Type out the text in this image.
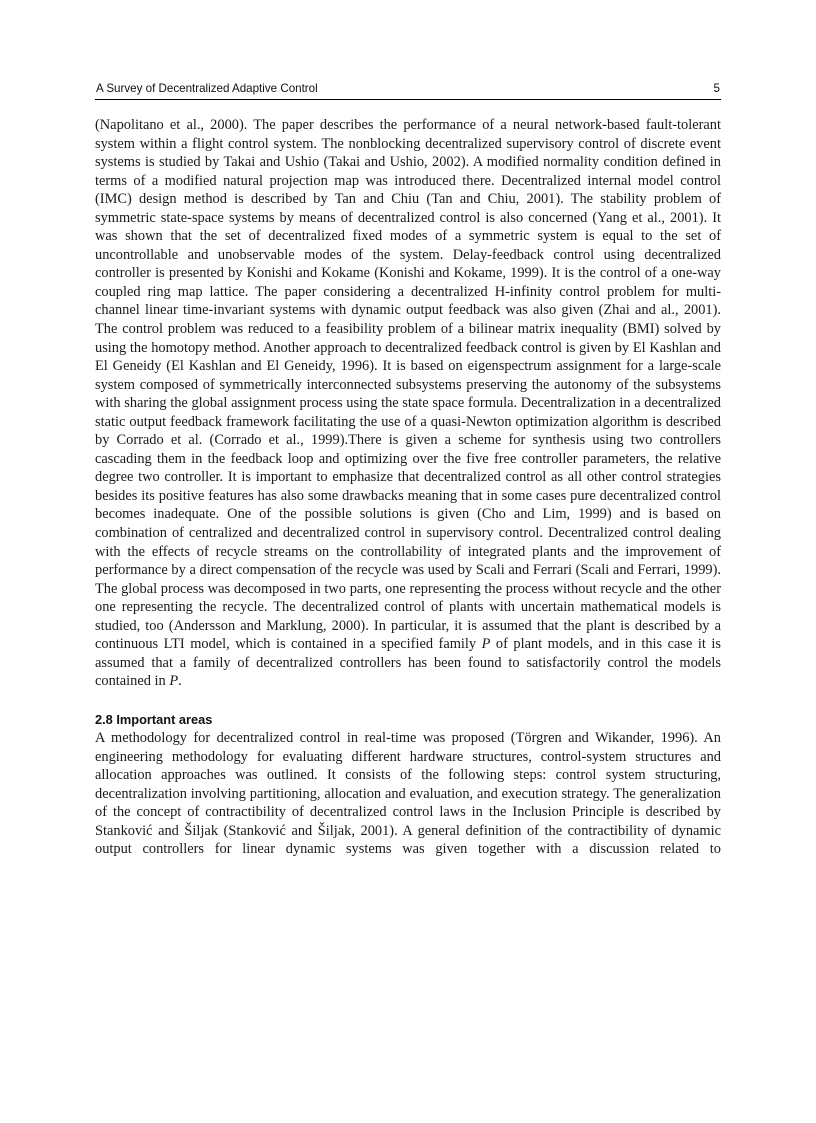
A Survey of Decentralized Adaptive Control	5

(Napolitano et al., 2000). The paper describes the performance of a neural network-based fault-tolerant system within a flight control system. The nonblocking decentralized supervisory control of discrete event systems is studied by Takai and Ushio (Takai and Ushio, 2002). A modified normality condition defined in terms of a modified natural projection map was introduced there. Decentralized internal model control (IMC) design method is described by Tan and Chiu (Tan and Chiu, 2001). The stability problem of symmetric state-space systems by means of decentralized control is also concerned (Yang et al., 2001). It was shown that the set of decentralized fixed modes of a symmetric system is equal to the set of uncontrollable and unobservable modes of the system. Delay-feedback control using decentralized controller is presented by Konishi and Kokame (Konishi and Kokame, 1999). It is the control of a one-way coupled ring map lattice. The paper considering a decentralized H-infinity control problem for multi-channel linear time-invariant systems with dynamic output feedback was also given (Zhai and al., 2001). The control problem was reduced to a feasibility problem of a bilinear matrix inequality (BMI) solved by using the homotopy method. Another approach to decentralized feedback control is given by El Kashlan and El Geneidy (El Kashlan and El Geneidy, 1996). It is based on eigenspectrum assignment for a large-scale system composed of symmetrically interconnected subsystems preserving the autonomy of the subsystems with sharing the global assignment process using the state space formula. Decentralization in a decentralized static output feedback framework facilitating the use of a quasi-Newton optimization algorithm is described by Corrado et al. (Corrado et al., 1999).There is given a scheme for synthesis using two controllers cascading them in the feedback loop and optimizing over the five free controller parameters, the relative degree two controller. It is important to emphasize that decentralized control as all other control strategies besides its positive features has also some drawbacks meaning that in some cases pure decentralized control becomes inadequate. One of the possible solutions is given (Cho and Lim, 1999) and is based on combination of centralized and decentralized control in supervisory control. Decentralized control dealing with the effects of recycle streams on the controllability of integrated plants and the improvement of performance by a direct compensation of the recycle was used by Scali and Ferrari (Scali and Ferrari, 1999). The global process was decomposed in two parts, one representing the process without recycle and the other one representing the recycle. The decentralized control of plants with uncertain mathematical models is studied, too (Andersson and Marklung, 2000). In particular, it is assumed that the plant is described by a continuous LTI model, which is contained in a specified family P of plant models, and in this case it is assumed that a family of decentralized controllers has been found to satisfactorily control the models contained in P.

2.8 Important areas

A methodology for decentralized control in real-time was proposed (Törgren and Wikander, 1996). An engineering methodology for evaluating different hardware structures, control-system structures and allocation approaches was outlined. It consists of the following steps: control system structuring, decentralization involving partitioning, allocation and evaluation, and execution strategy. The generalization of the concept of contractibility of decentralized control laws in the Inclusion Principle is described by Stanković and Šiljak (Stanković and Šiljak, 2001). A general definition of the contractibility of dynamic output controllers for linear dynamic systems was given together with a discussion related to
